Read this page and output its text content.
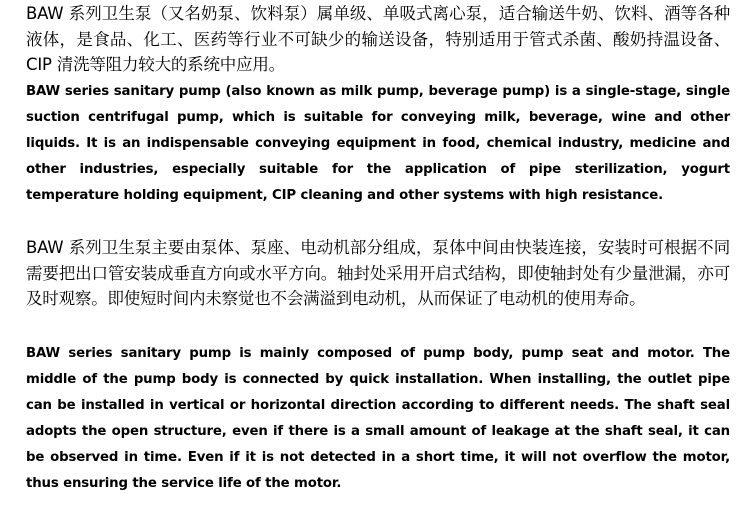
BAW 系列卫生泵（又名奶泵、饮料泵）属单级、单吸式离心泵，适合输送牛奶、饮料、酒等各种液体，是食品、化工、医药等行业不可缺少的输送设备，特别适用于管式杀菌、酸奶持温设备、CIP 清洗等阻力较大的系统中应用。

BAW series sanitary pump (also known as milk pump, beverage pump) is a single-stage, single suction centrifugal pump, which is suitable for conveying milk, beverage, wine and other liquids. It is an indispensable conveying equipment in food, chemical industry, medicine and other industries, especially suitable for the application of pipe sterilization, yogurt temperature holding equipment, CIP cleaning and other systems with high resistance.

BAW 系列卫生泵主要由泵体、泵座、电动机部分组成，泵体中间由快装连接，安装时可根据不同需要把出口管安装成垂直方向或水平方向。轴封处采用开启式结构，即使轴封处有少量泄漏，亦可及时观察。即使短时间内未察觉也不会满溢到电动机，从而保证了电动机的使用寿命。

BAW series sanitary pump is mainly composed of pump body, pump seat and motor. The middle of the pump body is connected by quick installation. When installing, the outlet pipe can be installed in vertical or horizontal direction according to different needs. The shaft seal adopts the open structure, even if there is a small amount of leakage at the shaft seal, it can be observed in time. Even if it is not detected in a short time, it will not overflow the motor, thus ensuring the service life of the motor.
